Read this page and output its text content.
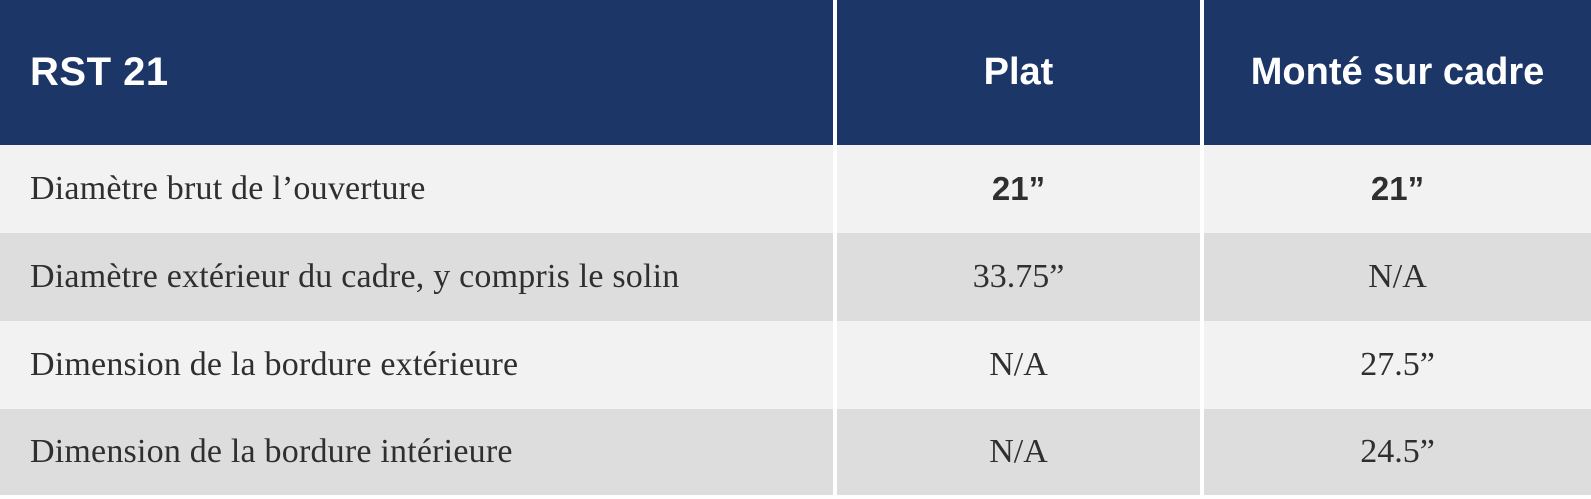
RST 21	Plat	Monté sur cadre
Diamètre brut de l’ouverture	21”	21”
Diamètre extérieur du cadre, y compris le solin	33.75”	N/A
Dimension de la bordure extérieure	N/A	27.5”
Dimension de la bordure intérieure	N/A	24.5”
